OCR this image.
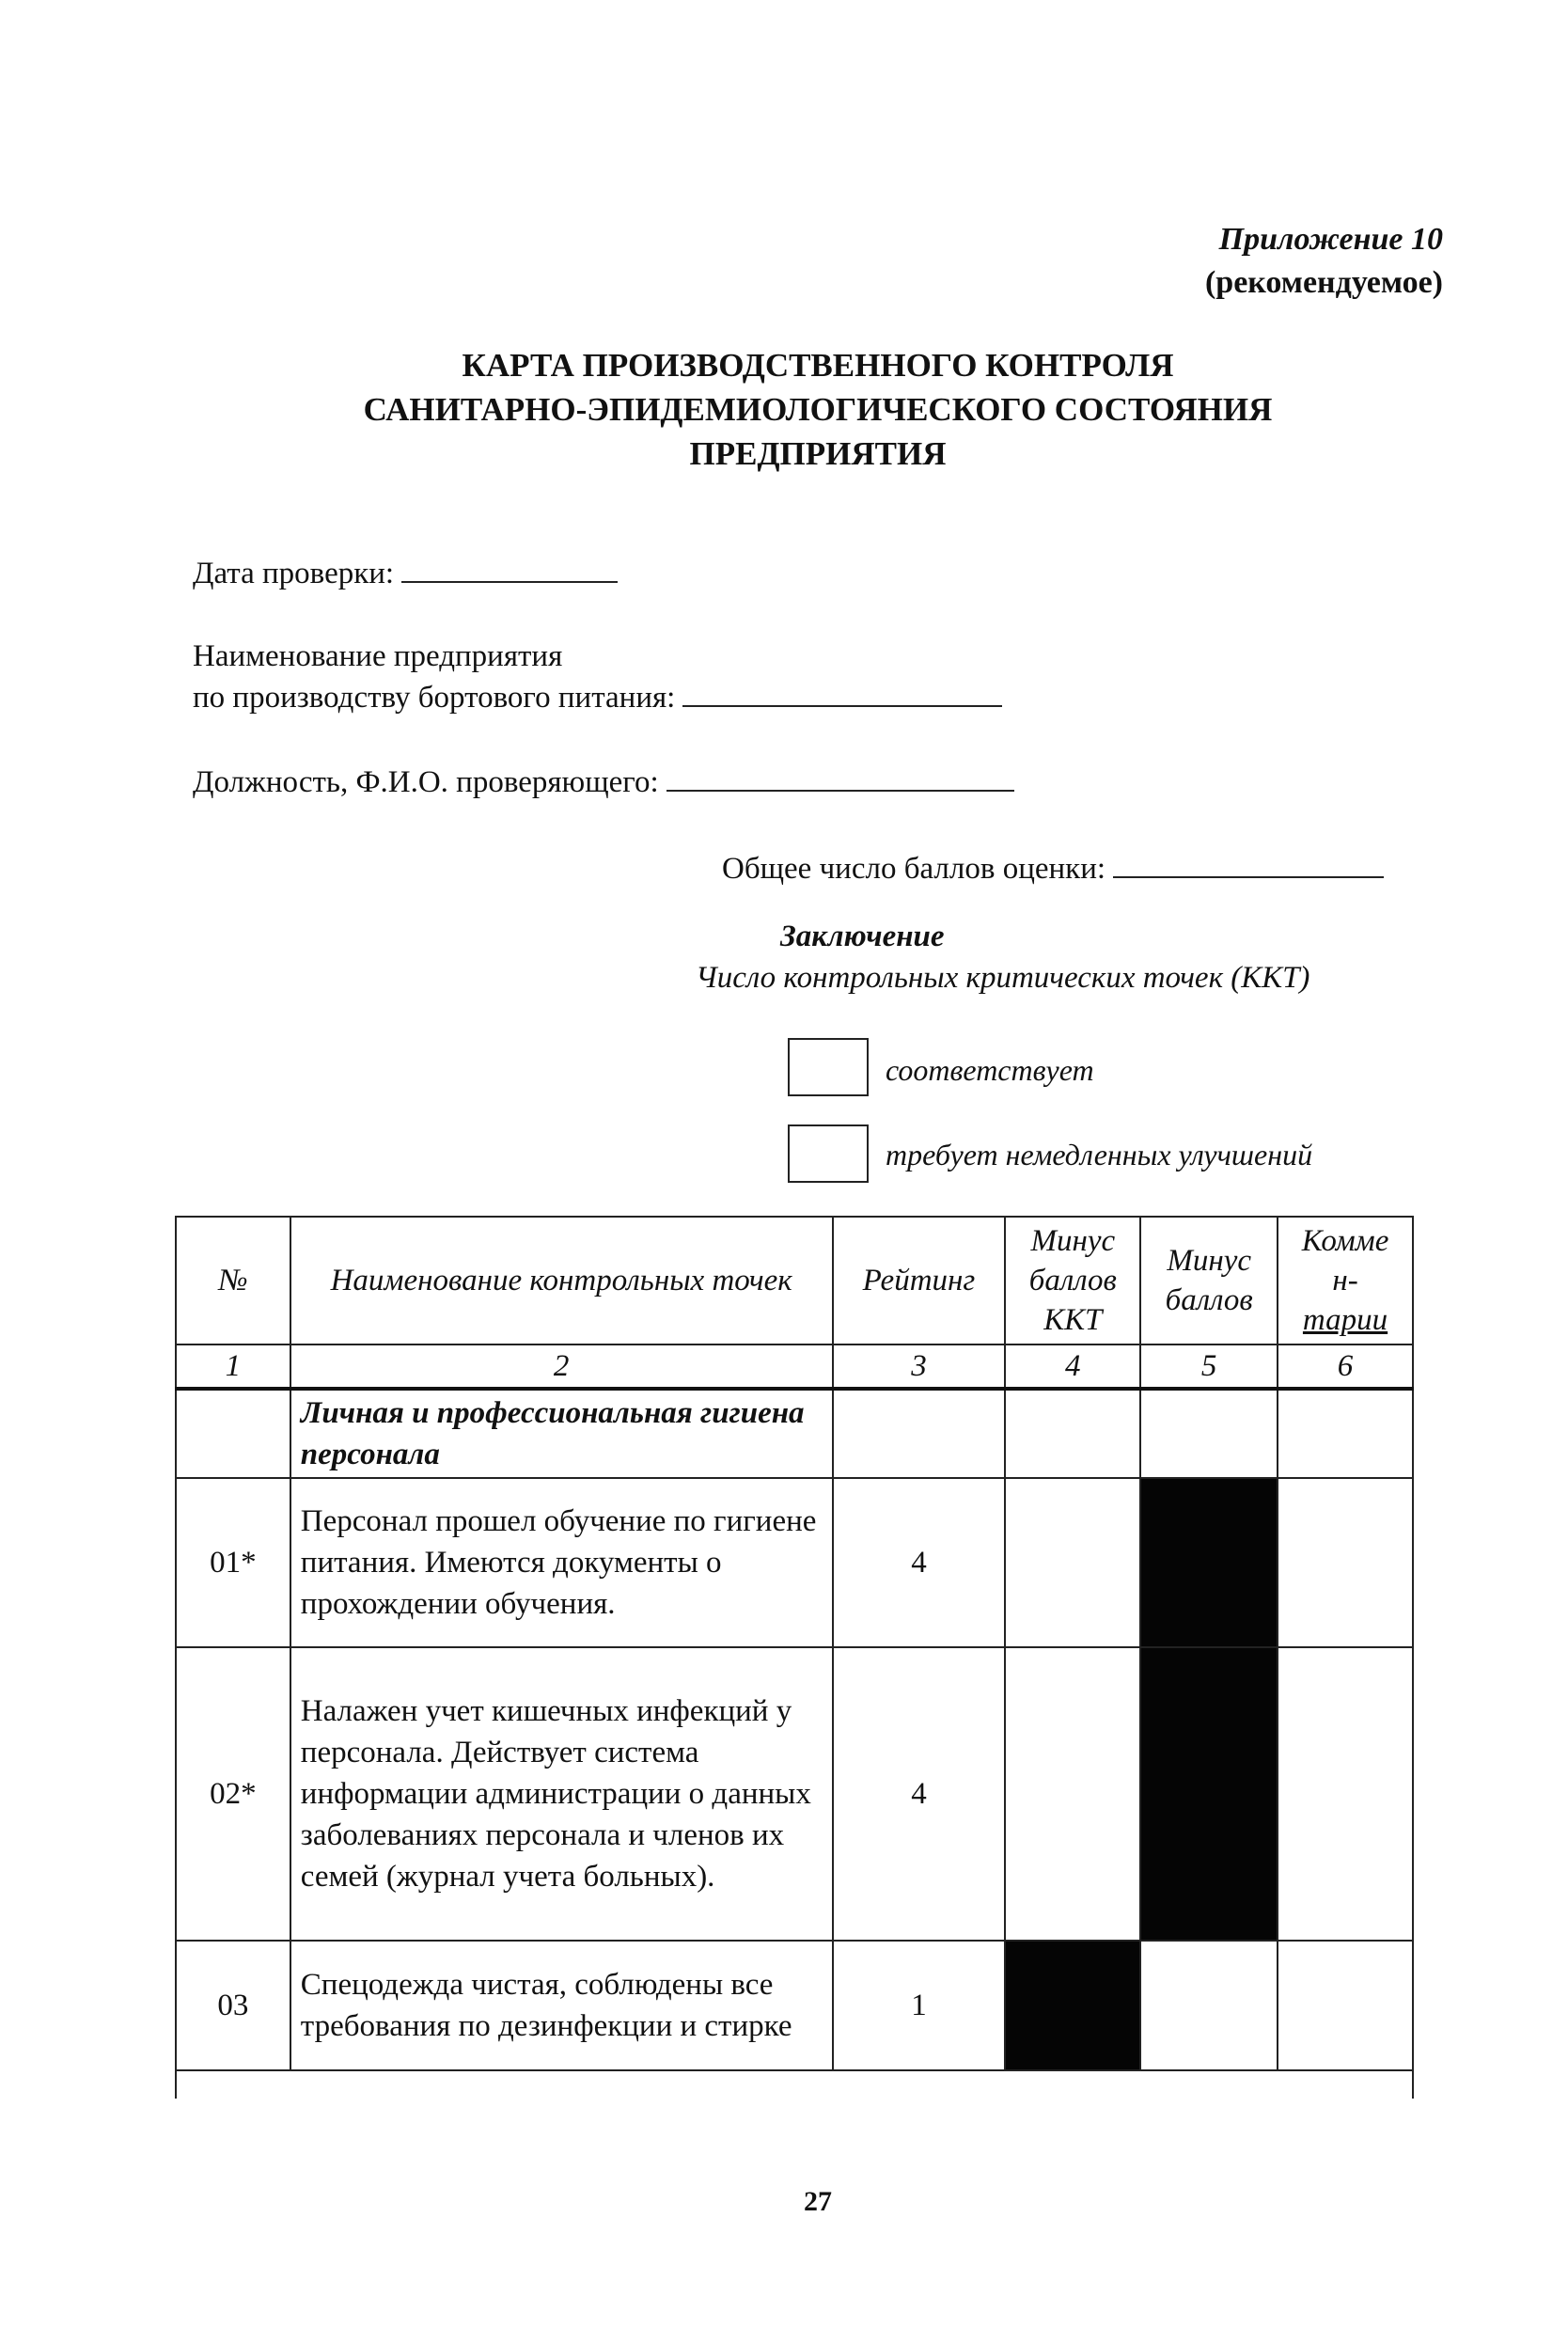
Приложение 10
(рекомендуемое)
КАРТА ПРОИЗВОДСТВЕННОГО КОНТРОЛЯ
САНИТАРНО-ЭПИДЕМИОЛОГИЧЕСКОГО СОСТОЯНИЯ
ПРЕДПРИЯТИЯ
Дата проверки:
Наименование предприятия
по производству бортового питания:
Должность, Ф.И.О. проверяющего:
Общее число баллов оценки:
Заключение
Число контрольных критических точек (ККТ)
соответствует
требует немедленных улучшений
№	Наименование контрольных точек	Рейтинг	Минус баллов ККТ	Минус баллов	Комме
н-
тарии

1	2	3	4	5	6
	Личная и профессиональная гигиена персонала				
01*	Персонал прошел обучение по гигиене питания. Имеются документы о прохождении обучения.	4			
02*	Налажен учет кишечных инфекций у персонала. Действует система информации администрации о данных заболеваниях персонала и членов их семей (журнал учета больных).	4			
03	Спецодежда чистая, соблюдены все требования по дезинфекции и стирке	1			
27
